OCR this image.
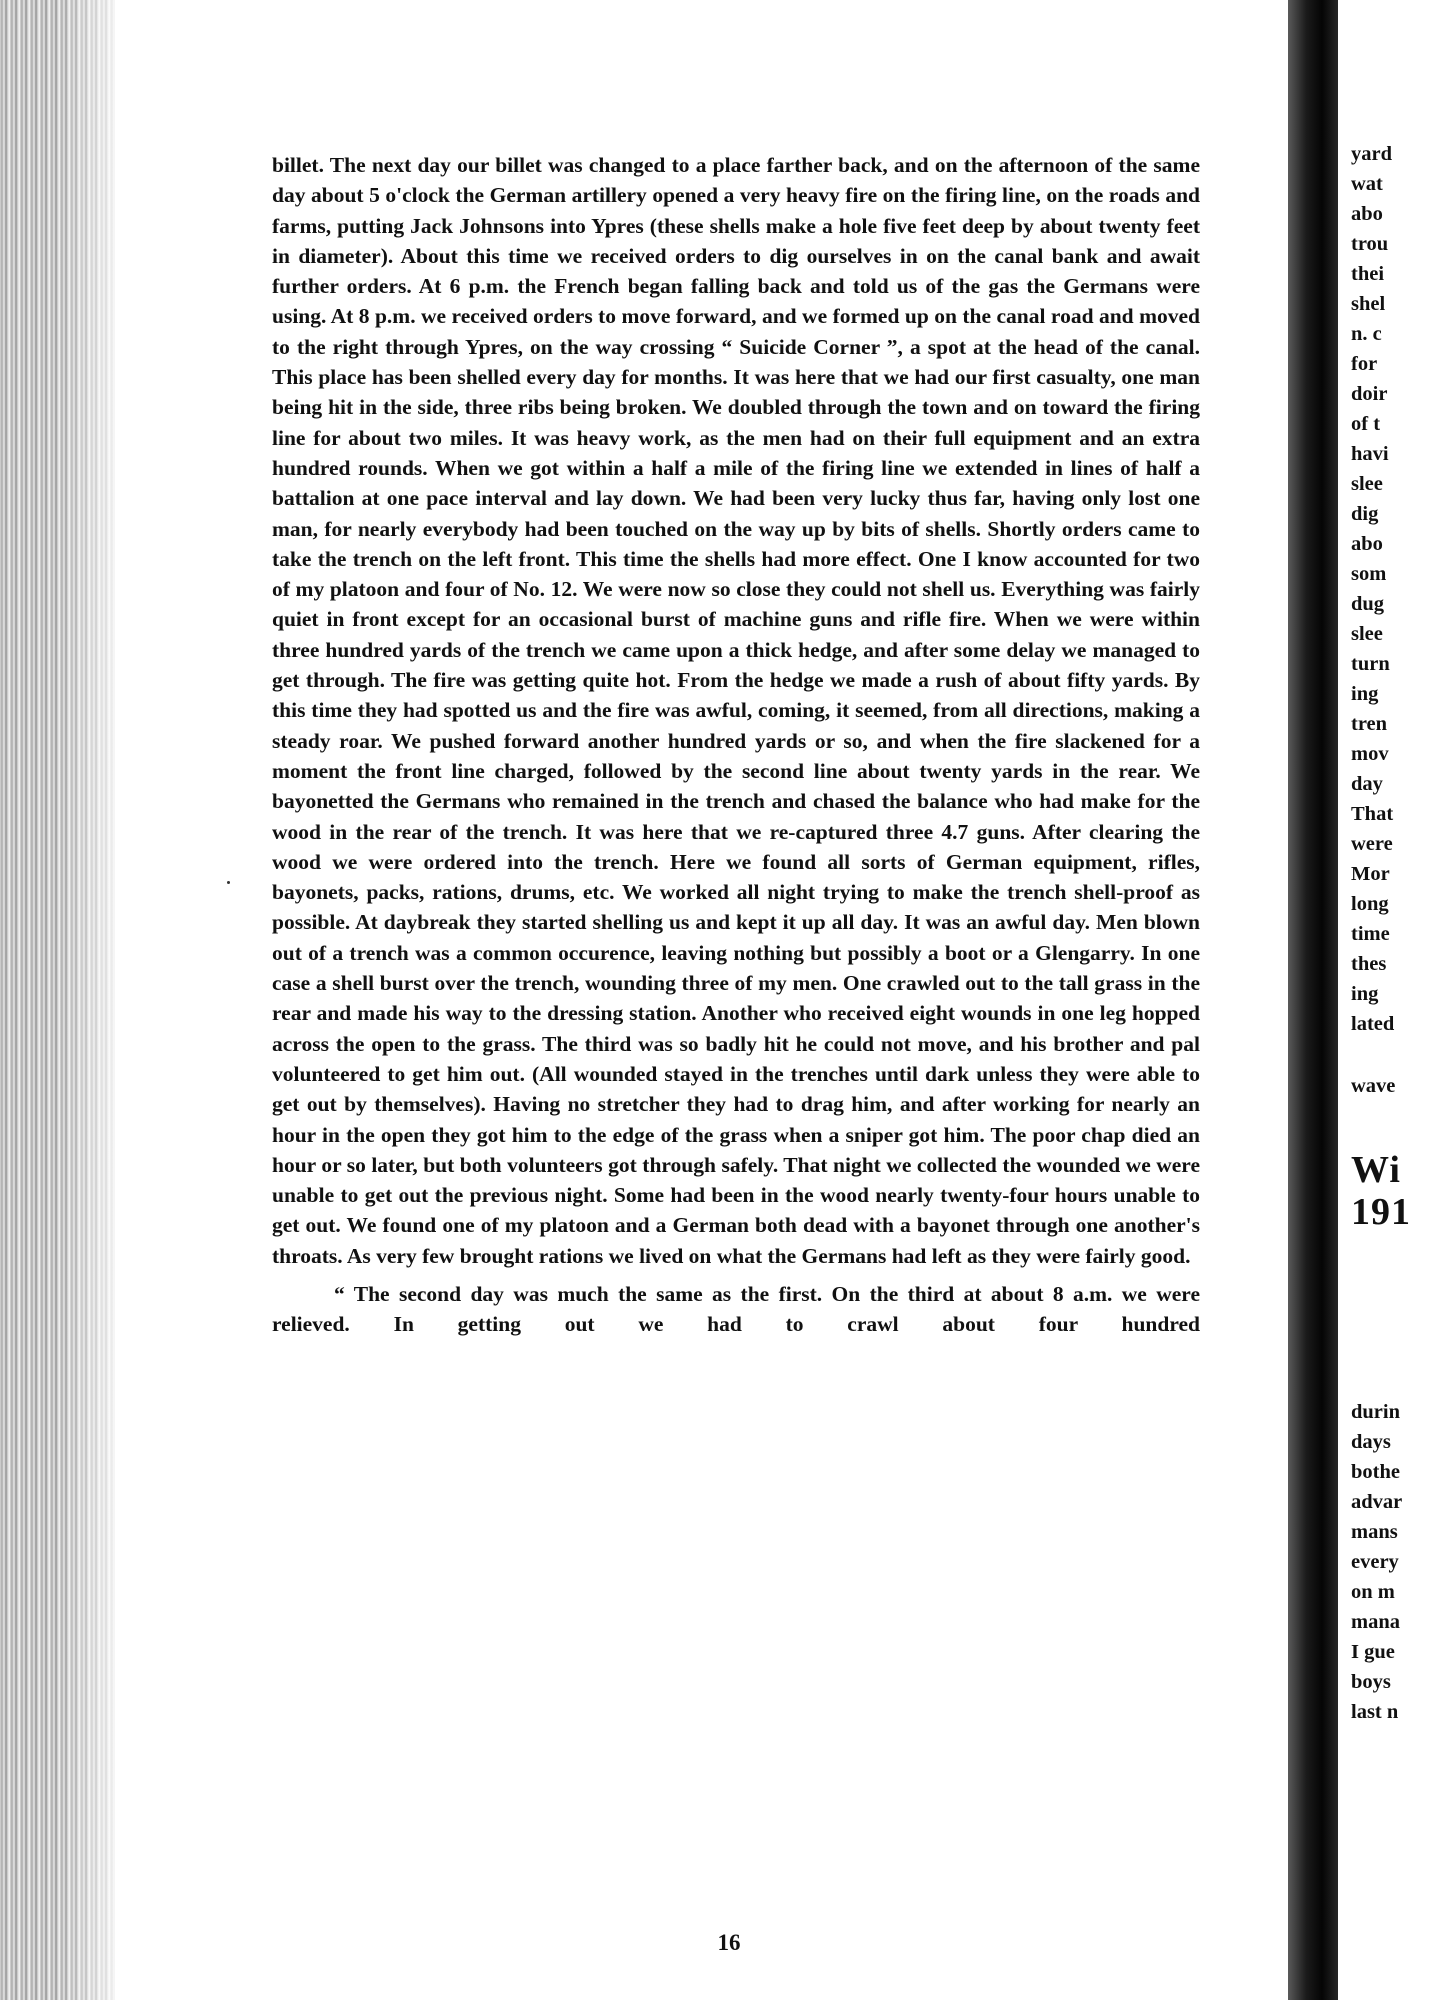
billet. The next day our billet was changed to a place farther back, and on the afternoon of the same day about 5 o'clock the German artillery opened a very heavy fire on the firing line, on the roads and farms, putting Jack Johnsons into Ypres (these shells make a hole five feet deep by about twenty feet in diameter). About this time we received orders to dig ourselves in on the canal bank and await further orders. At 6 p.m. the French began falling back and told us of the gas the Germans were using. At 8 p.m. we received orders to move forward, and we formed up on the canal road and moved to the right through Ypres, on the way crossing “ Suicide Corner ”, a spot at the head of the canal. This place has been shelled every day for months. It was here that we had our first casualty, one man being hit in the side, three ribs being broken. We doubled through the town and on toward the firing line for about two miles. It was heavy work, as the men had on their full equipment and an extra hundred rounds. When we got within a half a mile of the firing line we extended in lines of half a battalion at one pace interval and lay down. We had been very lucky thus far, having only lost one man, for nearly everybody had been touched on the way up by bits of shells. Shortly orders came to take the trench on the left front. This time the shells had more effect. One I know accounted for two of my platoon and four of No. 12. We were now so close they could not shell us. Everything was fairly quiet in front except for an occasional burst of machine guns and rifle fire. When we were within three hundred yards of the trench we came upon a thick hedge, and after some delay we managed to get through. The fire was getting quite hot. From the hedge we made a rush of about fifty yards. By this time they had spotted us and the fire was awful, coming, it seemed, from all directions, making a steady roar. We pushed forward another hundred yards or so, and when the fire slackened for a moment the front line charged, followed by the second line about twenty yards in the rear. We bayonetted the Germans who remained in the trench and chased the balance who had make for the wood in the rear of the trench. It was here that we re-captured three 4.7 guns. After clearing the wood we were ordered into the trench. Here we found all sorts of German equipment, rifles, bayonets, packs, rations, drums, etc. We worked all night trying to make the trench shell-proof as possible. At daybreak they started shelling us and kept it up all day. It was an awful day. Men blown out of a trench was a common occurence, leaving nothing but possibly a boot or a Glengarry. In one case a shell burst over the trench, wounding three of my men. One crawled out to the tall grass in the rear and made his way to the dressing station. Another who received eight wounds in one leg hopped across the open to the grass. The third was so badly hit he could not move, and his brother and pal volunteered to get him out. (All wounded stayed in the trenches until dark unless they were able to get out by themselves). Having no stretcher they had to drag him, and after working for nearly an hour in the open they got him to the edge of the grass when a sniper got him. The poor chap died an hour or so later, but both volunteers got through safely. That night we collected the wounded we were unable to get out the previous night. Some had been in the wood nearly twenty-four hours unable to get out. We found one of my platoon and a German both dead with a bayonet through one another's throats. As very few brought rations we lived on what the Germans had left as they were fairly good.

“ The second day was much the same as the first. On the third at about 8 a.m. we were relieved. In getting out we had to crawl about four hundred

16
yard
wat
abo
trou
thei
shel
n. c
for
doir
of t
havi
slee
dig
abo
som
dug
slee
turn
ing
tren
mov
day
That
were
Mor
long
time
thes
ing
lated
wave
durin
days
bothe
advar
mans
every
on m
mana
I gue
boys
last n
Wi
191
